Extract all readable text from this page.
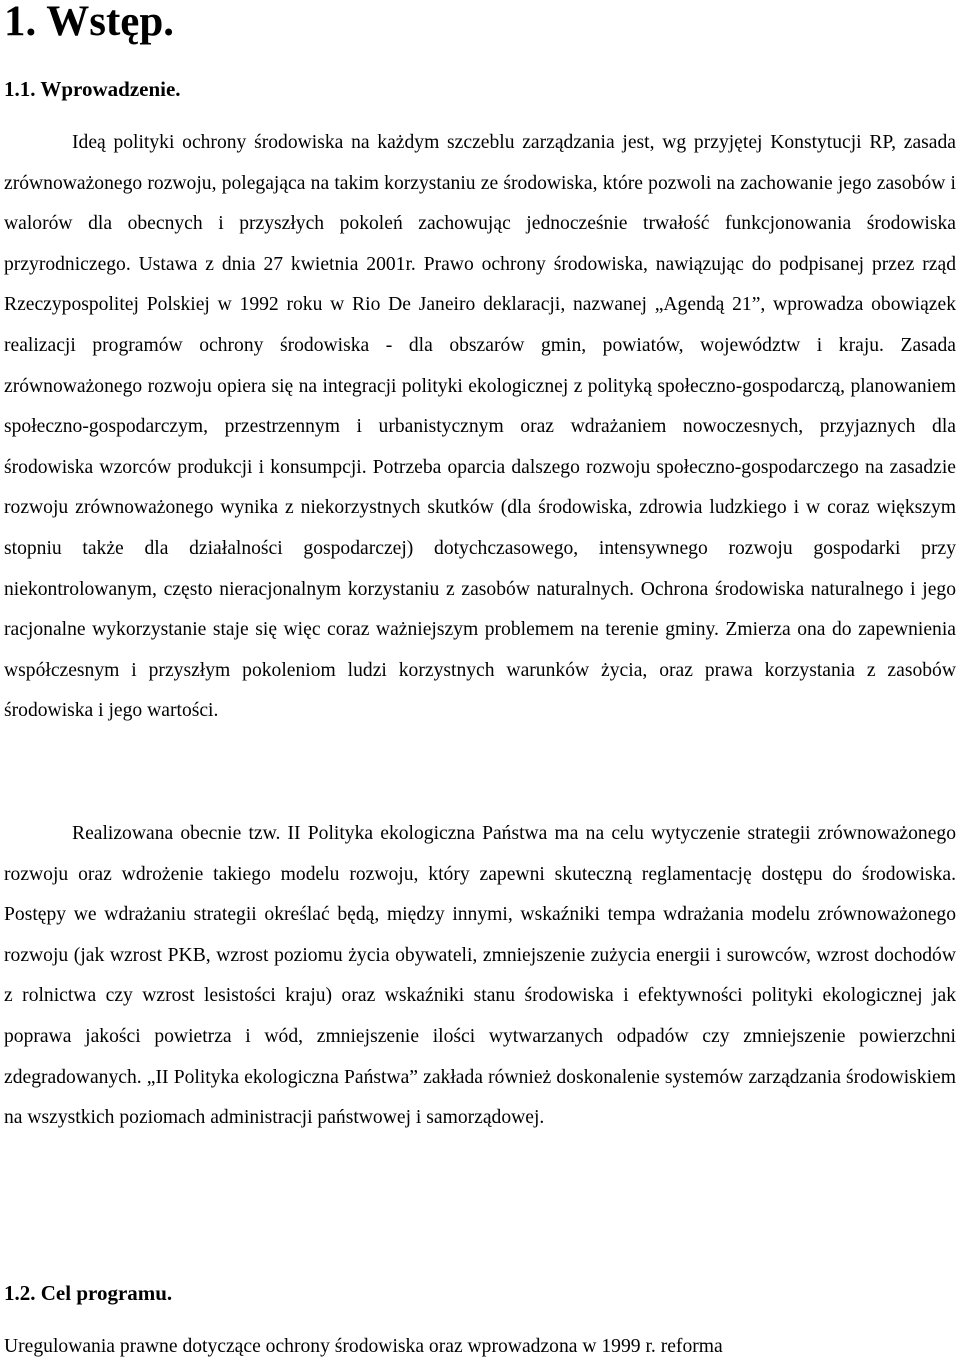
1. Wstęp.
1.1. Wprowadzenie.

Ideą polityki ochrony środowiska na każdym szczeblu zarządzania jest, wg przyjętej Konstytucji RP, zasada zrównoważonego rozwoju, polegająca na takim korzystaniu ze środowiska, które pozwoli na zachowanie jego zasobów i walorów dla obecnych i przyszłych pokoleń zachowując jednocześnie trwałość funkcjonowania środowiska przyrodniczego. Ustawa z dnia 27 kwietnia 2001r. Prawo ochrony środowiska, nawiązując do podpisanej przez rząd Rzeczypospolitej Polskiej w 1992 roku w Rio De Janeiro deklaracji, nazwanej „Agendą 21”, wprowadza obowiązek realizacji programów ochrony środowiska - dla obszarów gmin, powiatów, województw i kraju. Zasada zrównoważonego rozwoju opiera się na integracji polityki ekologicznej z polityką społeczno-gospodarczą, planowaniem społeczno-gospodarczym, przestrzennym i urbanistycznym oraz wdrażaniem nowoczesnych, przyjaznych dla środowiska wzorców produkcji i konsumpcji. Potrzeba oparcia dalszego rozwoju społeczno-gospodarczego na zasadzie rozwoju zrównoważonego wynika z niekorzystnych skutków (dla środowiska, zdrowia ludzkiego i w coraz większym stopniu także dla działalności gospodarczej) dotychczasowego, intensywnego rozwoju gospodarki przy niekontrolowanym, często nieracjonalnym korzystaniu z zasobów naturalnych. Ochrona środowiska naturalnego i jego racjonalne wykorzystanie staje się więc coraz ważniejszym problemem na terenie gminy. Zmierza ona do zapewnienia współczesnym i przyszłym pokoleniom ludzi korzystnych warunków życia, oraz prawa korzystania z zasobów środowiska i jego wartości.

Realizowana obecnie tzw. II Polityka ekologiczna Państwa ma na celu wytyczenie strategii zrównoważonego rozwoju oraz wdrożenie takiego modelu rozwoju, który zapewni skuteczną reglamentację dostępu do środowiska. Postępy we wdrażaniu strategii określać będą, między innymi, wskaźniki tempa wdrażania modelu zrównoważonego rozwoju (jak wzrost PKB, wzrost poziomu życia obywateli, zmniejszenie zużycia energii i surowców, wzrost dochodów z rolnictwa czy wzrost lesistości kraju) oraz wskaźniki stanu środowiska i efektywności polityki ekologicznej jak poprawa jakości powietrza i wód, zmniejszenie ilości wytwarzanych odpadów czy zmniejszenie powierzchni zdegradowanych. „II Polityka ekologiczna Państwa” zakłada również doskonalenie systemów zarządzania środowiskiem na wszystkich poziomach administracji państwowej i samorządowej.

1.2. Cel programu.

Uregulowania prawne dotyczące ochrony środowiska oraz wprowadzona w 1999 r. reforma
